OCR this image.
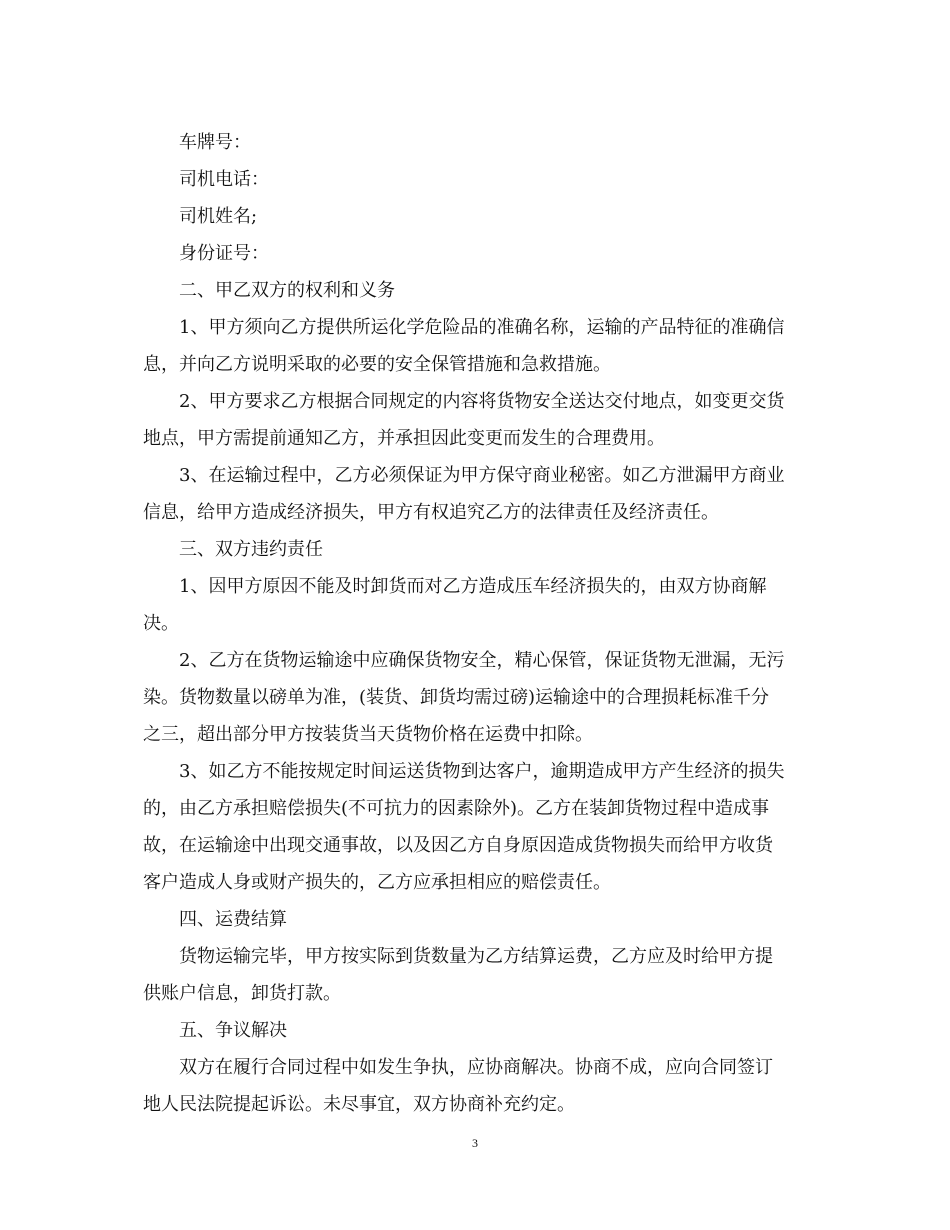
车牌号：
司机电话：
司机姓名;
身份证号：
二、甲乙双方的权利和义务
1、甲方须向乙方提供所运化学危险品的准确名称，运输的产品特征的准确信
息，并向乙方说明采取的必要的安全保管措施和急救措施。
2、甲方要求乙方根据合同规定的内容将货物安全送达交付地点，如变更交货
地点，甲方需提前通知乙方，并承担因此变更而发生的合理费用。
3、在运输过程中，乙方必须保证为甲方保守商业秘密。如乙方泄漏甲方商业
信息，给甲方造成经济损失，甲方有权追究乙方的法律责任及经济责任。
三、双方违约责任
1、因甲方原因不能及时卸货而对乙方造成压车经济损失的，由双方协商解
决。
2、乙方在货物运输途中应确保货物安全，精心保管，保证货物无泄漏，无污
染。货物数量以磅单为准，(装货、卸货均需过磅)运输途中的合理损耗标准千分
之三，超出部分甲方按装货当天货物价格在运费中扣除。
3、如乙方不能按规定时间运送货物到达客户，逾期造成甲方产生经济的损失
的，由乙方承担赔偿损失(不可抗力的因素除外)。乙方在装卸货物过程中造成事
故，在运输途中出现交通事故，以及因乙方自身原因造成货物损失而给甲方收货
客户造成人身或财产损失的，乙方应承担相应的赔偿责任。
四、运费结算
货物运输完毕，甲方按实际到货数量为乙方结算运费，乙方应及时给甲方提
供账户信息，卸货打款。
五、争议解决
双方在履行合同过程中如发生争执，应协商解决。协商不成，应向合同签订
地人民法院提起诉讼。未尽事宜，双方协商补充约定。
3
